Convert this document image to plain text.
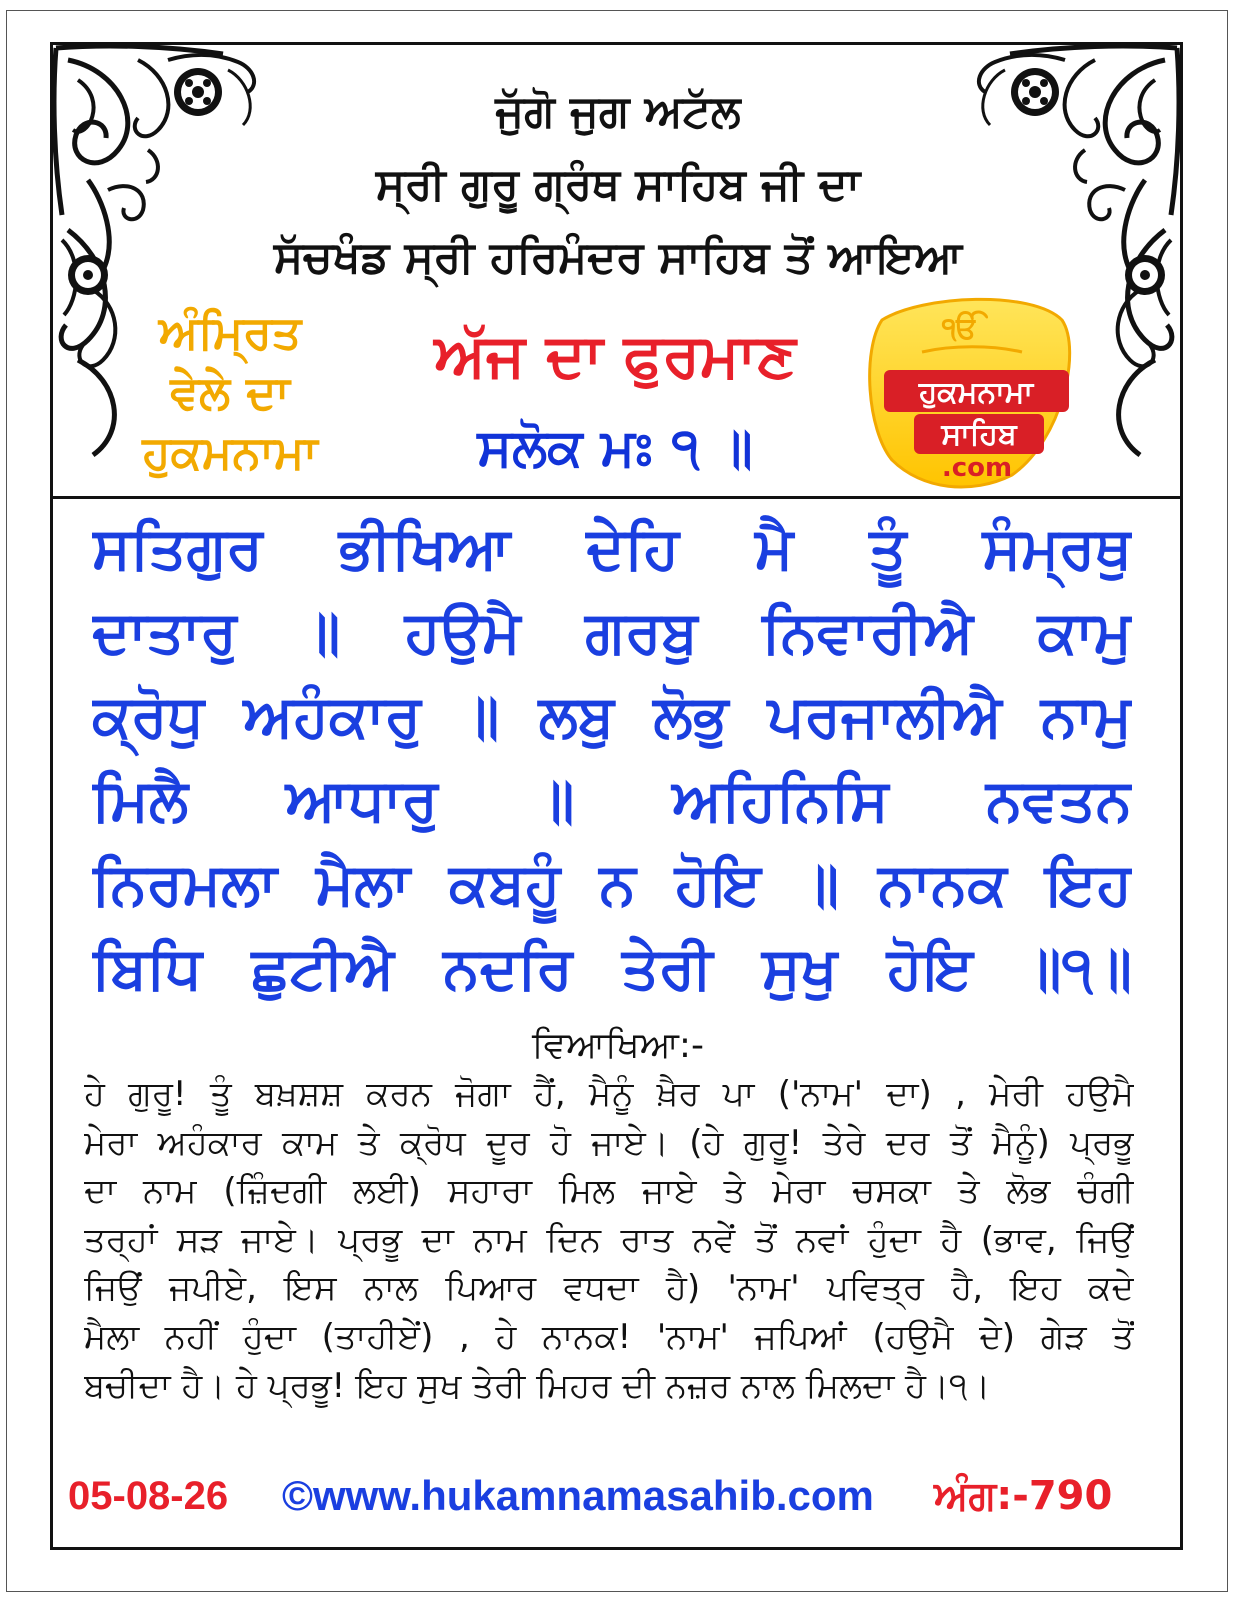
ਜੁੱਗੋ ਜੁਗ ਅਟੱਲ
ਸ੍ਰੀ ਗੁਰੂ ਗ੍ਰੰਥ ਸਾਹਿਬ ਜੀ ਦਾ
ਸੱਚਖੰਡ ਸ੍ਰੀ ਹਰਿਮੰਦਰ ਸਾਹਿਬ ਤੋਂ ਆਇਆ
ਅੰਮ੍ਰਿਤ
ਵੇਲੇ ਦਾ
ਹੁਕਮਨਾਮਾ
ਅੱਜ ਦਾ ਫੁਰਮਾਣ
ਸਲੋਕ ਮਃ ੧ ॥
ੴ
ਹੁਕਮਨਾਮਾ
ਸਾਹਿਬ
.com
ਸਤਿਗੁਰ ਭੀਖਿਆ ਦੇਹਿ ਮੈ ਤੂੰ ਸੰਮ੍ਰਥੁ
ਦਾਤਾਰੁ ॥ ਹਉਮੈ ਗਰਬੁ ਨਿਵਾਰੀਐ ਕਾਮੁ
ਕ੍ਰੋਧੁ ਅਹੰਕਾਰੁ ॥ ਲਬੁ ਲੋਭੁ ਪਰਜਾਲੀਐ ਨਾਮੁ
ਮਿਲੈ ਆਧਾਰੁ ॥ ਅਹਿਨਿਸਿ ਨਵਤਨ
ਨਿਰਮਲਾ ਮੈਲਾ ਕਬਹੂੰ ਨ ਹੋਇ ॥ ਨਾਨਕ ਇਹ
ਬਿਧਿ ਛੁਟੀਐ ਨਦਰਿ ਤੇਰੀ ਸੁਖੁ ਹੋਇ ॥੧॥
ਵਿਆਖਿਆ:-
ਹੇ ਗੁਰੂ! ਤੂੰ ਬਖ਼ਸ਼ਸ਼ ਕਰਨ ਜੋਗਾ ਹੈਂ, ਮੈਨੂੰ ਖ਼ੈਰ ਪਾ ('ਨਾਮ' ਦਾ) , ਮੇਰੀ ਹਉਮੈ
ਮੇਰਾ ਅਹੰਕਾਰ ਕਾਮ ਤੇ ਕ੍ਰੋਧ ਦੂਰ ਹੋ ਜਾਏ। (ਹੇ ਗੁਰੂ! ਤੇਰੇ ਦਰ ਤੋਂ ਮੈਨੂੰ) ਪ੍ਰਭੂ
ਦਾ ਨਾਮ (ਜ਼ਿੰਦਗੀ ਲਈ) ਸਹਾਰਾ ਮਿਲ ਜਾਏ ਤੇ ਮੇਰਾ ਚਸਕਾ ਤੇ ਲੋਭ ਚੰਗੀ
ਤਰ੍ਹਾਂ ਸੜ ਜਾਏ। ਪ੍ਰਭੂ ਦਾ ਨਾਮ ਦਿਨ ਰਾਤ ਨਵੇਂ ਤੋਂ ਨਵਾਂ ਹੁੰਦਾ ਹੈ (ਭਾਵ, ਜਿਉਂ
ਜਿਉਂ ਜਪੀਏ, ਇਸ ਨਾਲ ਪਿਆਰ ਵਧਦਾ ਹੈ) 'ਨਾਮ' ਪਵਿਤ੍ਰ ਹੈ, ਇਹ ਕਦੇ
ਮੈਲਾ ਨਹੀਂ ਹੁੰਦਾ (ਤਾਹੀਏਂ) , ਹੇ ਨਾਨਕ! 'ਨਾਮ' ਜਪਿਆਂ (ਹਉਮੈ ਦੇ) ਗੇੜ ਤੋਂ
ਬਚੀਦਾ ਹੈ। ਹੇ ਪ੍ਰਭੂ! ਇਹ ਸੁਖ ਤੇਰੀ ਮਿਹਰ ਦੀ ਨਜ਼ਰ ਨਾਲ ਮਿਲਦਾ ਹੈ।੧।
05-08-26 ©www.hukamnamasahib.com ਅੰਗ:-790
